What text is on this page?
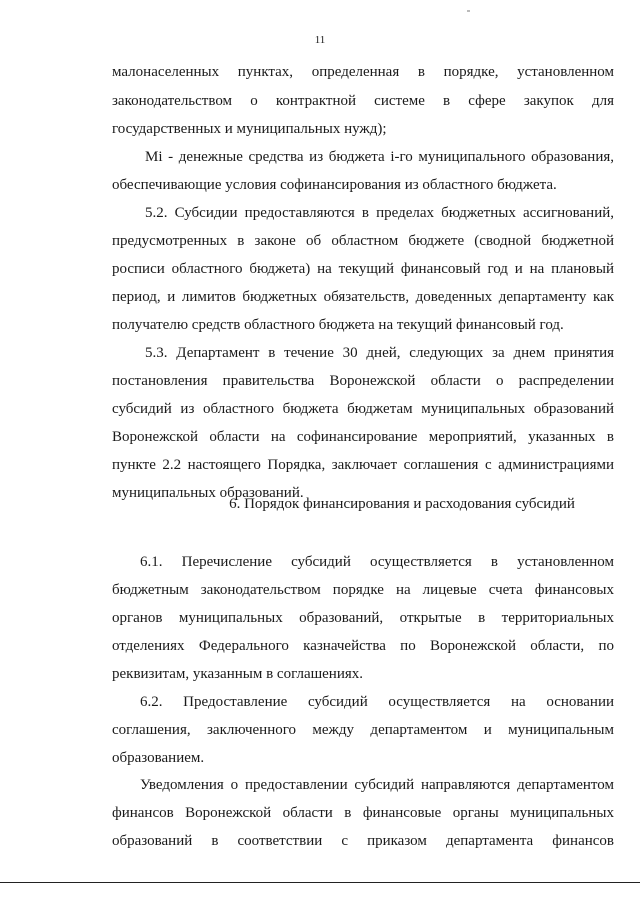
11
малонаселенных пунктах, определенная в порядке, установленном
законодательством о контрактной системе в сфере закупок для
государственных и муниципальных нужд);
Mi - денежные средства из бюджета i-го муниципального образования,
обеспечивающие условия софинансирования из областного бюджета.
5.2. Субсидии предоставляются в пределах бюджетных ассигнований,
предусмотренных в законе об областном бюджете (сводной бюджетной
росписи областного бюджета) на текущий финансовый год и на плановый
период, и лимитов бюджетных обязательств, доведенных департаменту как
получателю средств областного бюджета на текущий финансовый год.
5.3. Департамент в течение 30 дней, следующих за днем принятия
постановления правительства Воронежской области о распределении
субсидий из областного бюджета бюджетам муниципальных образований
Воронежской области на софинансирование мероприятий, указанных в
пункте 2.2 настоящего Порядка, заключает соглашения с администрациями
муниципальных образований.
6.1. Перечисление субсидий осуществляется в установленном
бюджетным законодательством порядке на лицевые счета финансовых
органов муниципальных образований, открытые в территориальных
отделениях Федерального казначейства по Воронежской области, по
реквизитам, указанным в соглашениях.
6.2. Предоставление субсидий осуществляется на основании
соглашения, заключенного между департаментом и муниципальным
образованием.
Уведомления о предоставлении субсидий направляются департаментом
финансов Воронежской области в финансовые органы муниципальных
образований в соответствии с приказом департамента финансов
6. Порядок финансирования и расходования субсидий
